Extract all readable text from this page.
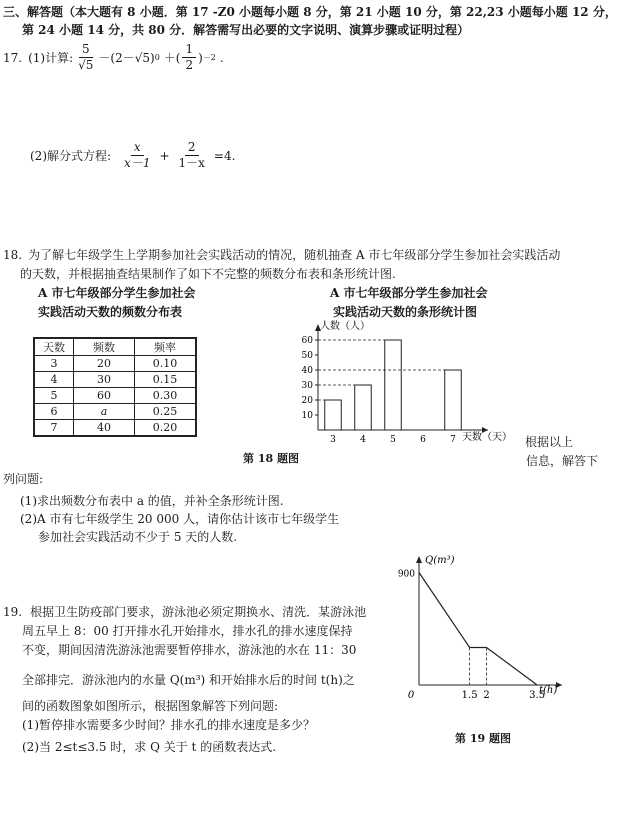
三、解答题（本大题有 8 小题．第 17 -Z0 小题每小题 8 分，第 21 小题 10 分，第 22,23 小题每小题 12 分，
第 24 小题 14 分，共 80 分．解答需写出必要的文字说明、演算步骤或证明过程）
17. (1)计算: $\frac{5}{√5} -(2-√5)$ 0 ＋( $\frac{1}{2}$ ) －2 .
(2)解分式方程: $\frac{x}{x-1} + \frac{2}{1-x} =4$.
18. 为了解七年级学生上学期参加社会实践活动的情况，随机抽查 A 市七年级部分学生参加社会实践活动
的天数，并根据抽查结果制作了如下不完整的频数分布表和条形统计图.
A 市七年级部分学生参加社会
实践活动天数的频数分布表
天数	频数	频率
3	20	0.10
4	30	0.15
5	60	0.30
6	a	0.25
7	40	0.20
A 市七年级部分学生参加社会
实践活动天数的条形统计图
10
20
30
40
50
60
3	4	5	6	7
人数（人）
天数（天）
第 18 题图
根据以上
信息，解答下
列问题:
(1)求出频数分布表中 a 的值，并补全条形统计图.
(2)A 市有七年级学生 20 000 人，请你估计该市七年级学生
参加社会实践活动不少于 5 天的人数.
19. 根据卫生防疫部门要求，游泳池必须定期换水、清洗．某游泳池
周五早上 8：00 打开排水孔开始排水，排水孔的排水速度保持
不变，期间因清洗游泳池需要暂停排水，游泳池的水在 11：30
全部排完．游泳池内的水量 Q(m³) 和开始排水后的时间 t(h)之
间的函数图象如图所示，根据图象解答下列问题:
(1)暂停排水需要多少时间？排水孔的排水速度是多少？
(2)当 2≤t≤3.5 时，求 Q 关于 t 的函数表达式.
0	1.5 2	3.5
900
Q(m³)
t(h)
第 19 题图
